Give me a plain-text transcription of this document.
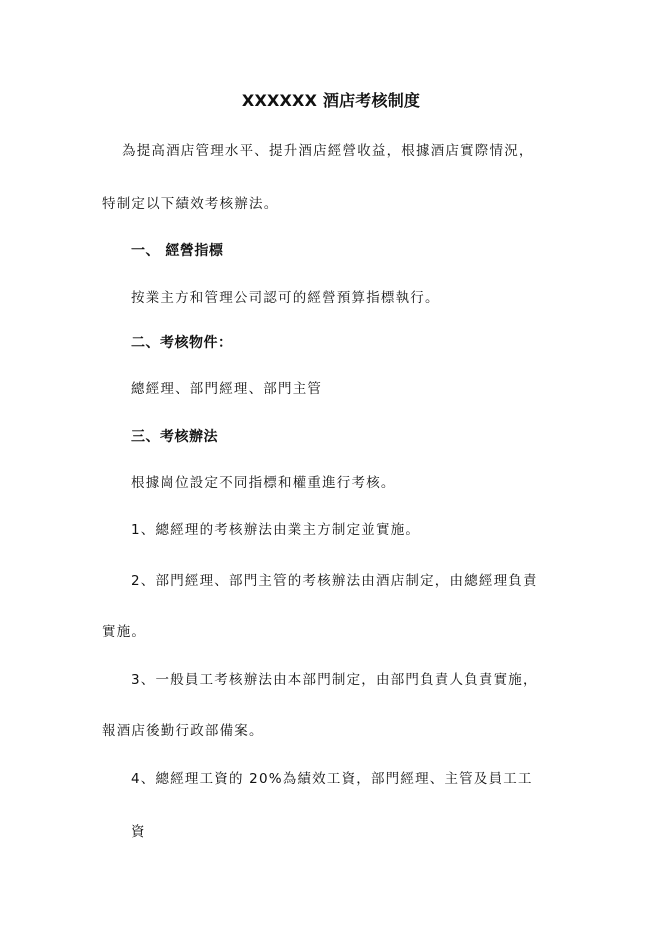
XXXXXX 酒店考核制度
為提高酒店管理水平、提升酒店經營收益，根據酒店實際情況，
特制定以下績效考核辦法。
一、 經營指標
按業主方和管理公司認可的經營預算指標執行。
二、考核物件：
總經理、部門經理、部門主管
三、考核辦法
根據崗位設定不同指標和權重進行考核。
1、總經理的考核辦法由業主方制定並實施。
2、部門經理、部門主管的考核辦法由酒店制定，由總經理負責
實施。
3、一般員工考核辦法由本部門制定，由部門負責人負責實施，
報酒店後勤行政部備案。
4、總經理工資的 20%為績效工資，部門經理、主管及員工工
資
